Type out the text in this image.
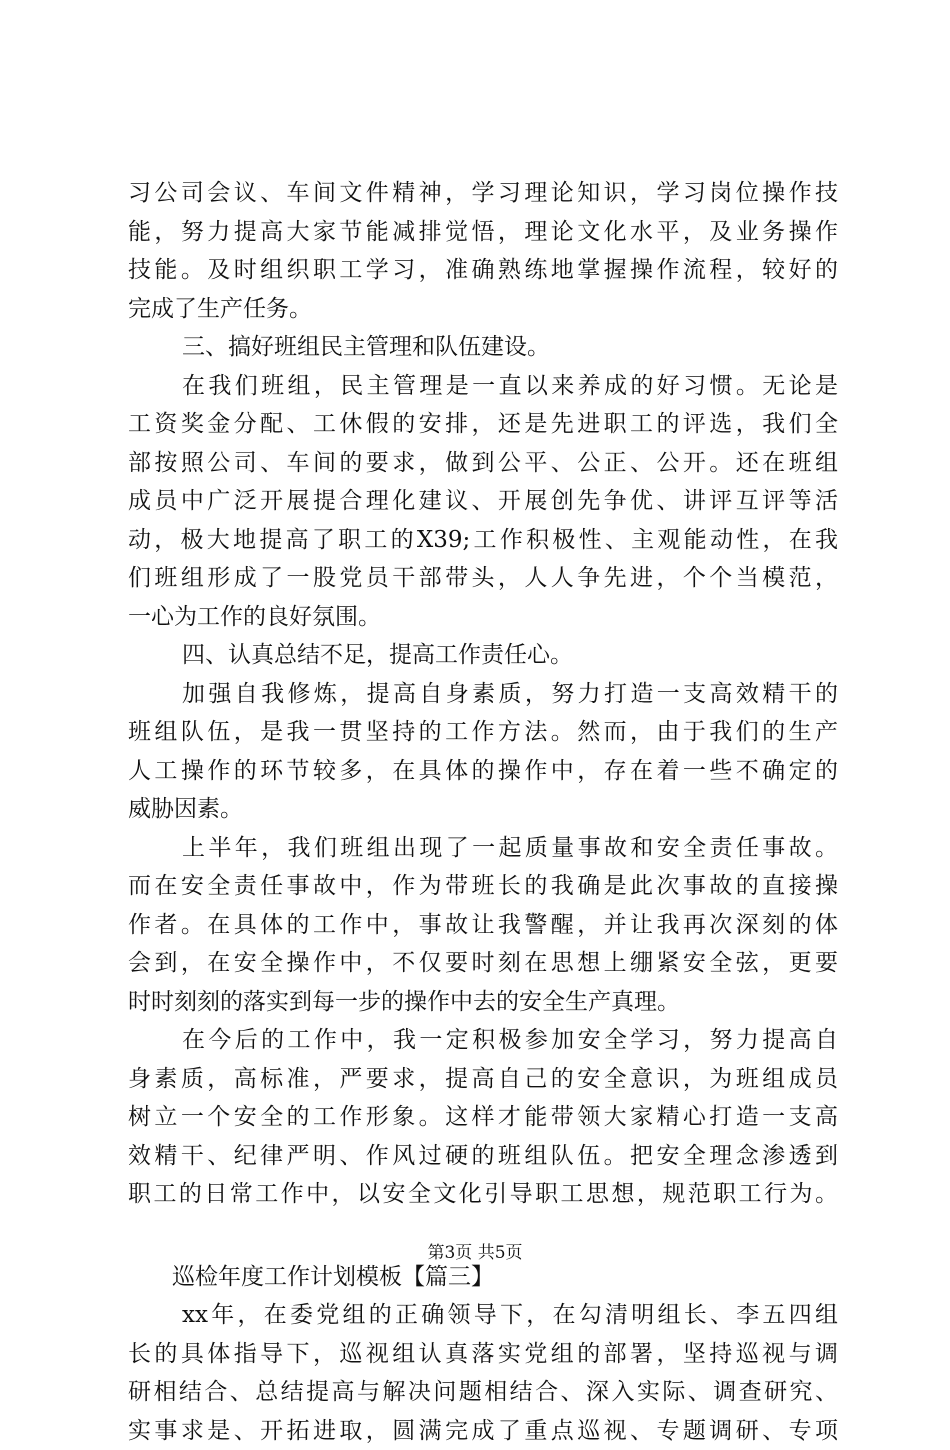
习公司会议、车间文件精神，学习理论知识，学习岗位操作技
能，努力提高大家节能减排觉悟，理论文化水平，及业务操作
技能。及时组织职工学习，准确熟练地掌握操作流程，较好的
完成了生产任务。
三、搞好班组民主管理和队伍建设。
在我们班组，民主管理是一直以来养成的好习惯。无论是
工资奖金分配、工休假的安排，还是先进职工的评选，我们全
部按照公司、车间的要求，做到公平、公正、公开。还在班组
成员中广泛开展提合理化建议、开展创先争优、讲评互评等活
动，极大地提高了职工的X39;工作积极性、主观能动性，在我
们班组形成了一股党员干部带头，人人争先进，个个当模范，
一心为工作的良好氛围。
四、认真总结不足，提高工作责任心。
加强自我修炼，提高自身素质，努力打造一支高效精干的
班组队伍，是我一贯坚持的工作方法。然而，由于我们的生产
人工操作的环节较多，在具体的操作中，存在着一些不确定的
威胁因素。
上半年，我们班组出现了一起质量事故和安全责任事故。
而在安全责任事故中，作为带班长的我确是此次事故的直接操
作者。在具体的工作中，事故让我警醒，并让我再次深刻的体
会到，在安全操作中，不仅要时刻在思想上绷紧安全弦，更要
时时刻刻的落实到每一步的操作中去的安全生产真理。
在今后的工作中，我一定积极参加安全学习，努力提高自
身素质，高标准，严要求，提高自己的安全意识，为班组成员
树立一个安全的工作形象。这样才能带领大家精心打造一支高
效精干、纪律严明、作风过硬的班组队伍。把安全理念渗透到
职工的日常工作中，以安全文化引导职工思想，规范职工行为。
巡检年度工作计划模板【篇三】
xx年，在委党组的正确领导下，在勾清明组长、李五四组
长的具体指导下，巡视组认真落实党组的部署，坚持巡视与调
研相结合、总结提高与解决问题相结合、深入实际、调查研究、
实事求是、开拓进取，圆满完成了重点巡视、专题调研、专项
第3页 共5页
